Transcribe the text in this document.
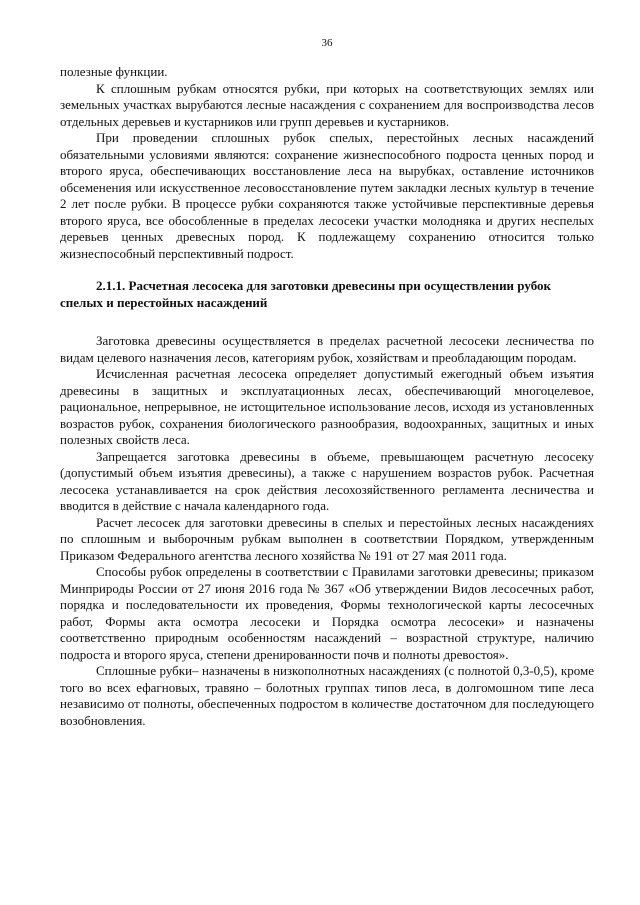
36

полезные функции.

К сплошным рубкам относятся рубки, при которых на соответствующих землях или земельных участках вырубаются лесные насаждения с сохранением для воспроизводства лесов отдельных деревьев и кустарников или групп деревьев и кустарников.

При проведении сплошных рубок спелых, перестойных лесных насаждений обязательными условиями являются: сохранение жизнеспособного подроста ценных пород и второго яруса, обеспечивающих восстановление леса на вырубках, оставление источников обсеменения или искусственное лесовосстановление путем закладки лесных культур в течение 2 лет после рубки. В процессе рубки сохраняются также устойчивые перспективные деревья второго яруса, все обособленные в пределах лесосеки участки молодняка и других неспелых деревьев ценных древесных пород. К подлежащему сохранению относится только жизнеспособный перспективный подрост.

2.1.1. Расчетная лесосека для заготовки древесины при осуществлении рубок спелых и перестойных насаждений

Заготовка древесины осуществляется в пределах расчетной лесосеки лесничества по видам целевого назначения лесов, категориям рубок, хозяйствам и преобладающим породам.

Исчисленная расчетная лесосека определяет допустимый ежегодный объем изъятия древесины в защитных и эксплуатационных лесах, обеспечивающий многоцелевое, рациональное, непрерывное, не истощительное использование лесов, исходя из установленных возрастов рубок, сохранения биологического разнообразия, водоохранных, защитных и иных полезных свойств леса.

Запрещается заготовка древесины в объеме, превышающем расчетную лесосеку (допустимый объем изъятия древесины), а также с нарушением возрастов рубок. Расчетная лесосека устанавливается на срок действия лесохозяйственного регламента лесничества и вводится в действие с начала календарного года.

Расчет лесосек для заготовки древесины в спелых и перестойных лесных насаждениях по сплошным и выборочным рубкам выполнен в соответствии Порядком, утвержденным Приказом Федерального агентства лесного хозяйства № 191 от 27 мая 2011 года.

Способы рубок определены в соответствии с Правилами заготовки древесины; приказом Минприроды России от 27 июня 2016 года № 367 «Об утверждении Видов лесосечных работ, порядка и последовательности их проведения, Формы технологической карты лесосечных работ, Формы акта осмотра лесосеки и Порядка осмотра лесосеки» и назначены соответственно природным особенностям насаждений – возрастной структуре, наличию подроста и второго яруса, степени дренированности почв и полноты древостоя».

Сплошные рубки– назначены в низкополнотных насаждениях (с полнотой 0,3-0,5), кроме того во всех ефагновых, травяно – болотных группах типов леса, в долгомошном типе леса независимо от полноты, обеспеченных подростом в количестве достаточном для последующего возобновления.
